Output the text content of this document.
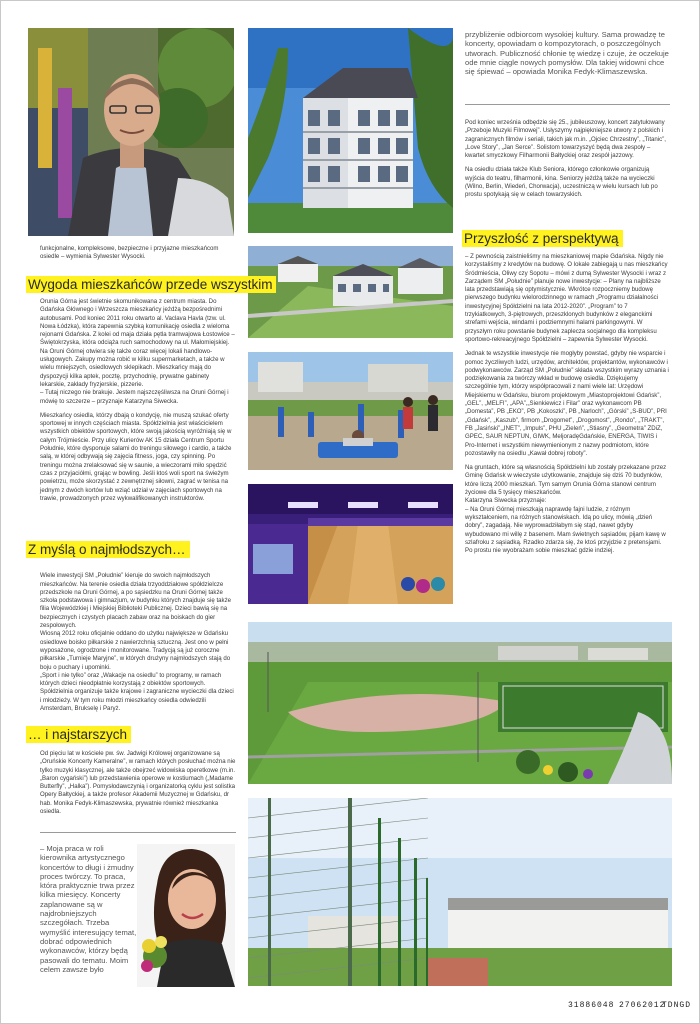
funkcjonalne, kompleksowe, bezpieczne i przyjazne mieszkańcom osiedle – wymienia Sylwester Wysocki.

Wygoda mieszkańców przede wszystkim

Orunia Górna jest świetnie skomunikowana z centrum miasta. Do Gdańska Głównego i Wrzeszcza mieszkańcy jeżdżą bezpośrednimi autobusami. Pod koniec 2011 roku otwarto al. Vaclava Havla (tzw. ul. Nowa Łódzka), która zapewnia szybką komunikację osiedla z wieloma rejonami Gdańska. Z kolei od maja działa pętla tramwajowa Łostowice – Świętokrzyska, która odciąża ruch samochodowy na ul. Małomiejskiej.

Na Oruni Górnej otwiera się także coraz więcej lokali handlowo-usługowych. Zakupy można robić w kilku supermarketach, a także w wielu mniejszych, osiedlowych sklepikach. Mieszkańcy mają do dyspozycji kilka aptek, pocztę, przychodnię, prywatne gabinety lekarskie, zakłady fryzjerskie, pizzerie.

– Tutaj niczego nie brakuje. Jestem najszczęśliwsza na Oruni Górnej i mówię to szczerze – przyznaje Katarzyna Siwecka.

Mieszkańcy osiedla, którzy dbają o kondycję, nie muszą szukać oferty sportowej w innych częściach miasta. Spółdzielnia jest właścicielem wszystkich obiektów sportowych, które swoją jakością wyróżniają się w całym Trójmieście. Przy ulicy Kurierów AK 15 działa Centrum Sportu Południe, które dysponuje salami do treningu siłowego i cardio, a także salą, w której odbywają się zajęcia fitness, joga, czy spinning. Po treningu można zrelaksować się w saunie, a wieczorami miło spędzić czas z przyjaciółmi, grając w bowling. Jeśli ktoś woli sport na świeżym powietrzu, może skorzystać z zewnętrznej siłowni, zagrać w tenisa na jednym z dwóch kortów lub wziąć udział w zajęciach sportowych na trawie, prowadzonych przez wykwalifikowanych instruktorów.

Z myślą o najmłodszych…

Wiele inwestycji SM „Południe” kieruje do swoich najmłodszych mieszkańców. Na terenie osiedla działa trzyoddziałowe spółdzielcze przedszkole na Oruni Górnej, a po sąsiedzku na Oruni Górnej także szkoła podstawowa i gimnazjum, w budynku których znajduje się także filia Wojewódzkiej i Miejskiej Biblioteki Publicznej. Dzieci bawią się na bezpiecznych i czystych placach zabaw oraz na boiskach do gier zespołowych.
Wiosną 2012 roku oficjalnie oddano do użytku największe w Gdańsku osiedlowe boisko piłkarskie z nawierzchnią sztuczną. Jest ono w pełni wyposażone, ogrodzone i monitorowane. Tradycją są już coroczne piłkarskie „Turnieje Maryjne”, w których drużyny najmłodszych stają do boju o puchary i upominki.
„Sport i nie tylko” oraz „Wakacje na osiedlu” to programy, w ramach których dzieci nieodpłatnie korzystają z obiektów sportowych. Spółdzielnia organizuje także krajowe i zagraniczne wycieczki dla dzieci i młodzieży. W tym roku młodzi mieszkańcy osiedla odwiedzili Amsterdam, Brukselę i Paryż.

… i najstarszych

Od pięciu lat w kościele pw. św. Jadwigi Królowej organizowane są „Oruńskie Koncerty Kameralne”, w ramach których posłuchać można nie tylko muzyki klasycznej, ale także obejrzeć widowiska operetkowe (m.in. „Baron cygański”) lub przedstawienia operowe w kostiumach („Madame Butterfly”, „Halka”). Pomysłodawczynią i organizatorką cyklu jest solistka Opery Bałtyckiej, a także profesor Akademii Muzycznej w Gdańsku, dr hab. Monika Fedyk-Klimaszewska, prywatnie również mieszkanka osiedla.

– Moja praca w roli kierownika artystycznego koncertów to długi i żmudny proces twórczy. To praca, która praktycznie trwa przez kilka miesięcy. Koncerty zaplanowane są w najdrobniejszych szczegółach. Trzeba wymyślić interesujący temat, dobrać odpowiednich wykonawców, którzy będą pasowali do tematu. Moim celem zawsze było

przybliżenie odbiorcom wysokiej kultury. Sama prowadzę te koncerty, opowiadam o kompozytorach, o poszczególnych utworach. Publiczność chłonie tę wiedzę i czuje, że oczekuje ode mnie ciągle nowych pomysłów. Dla takiej widowni chce się śpiewać – opowiada Monika Fedyk-Klimaszewska.

Pod koniec września odbędzie się 25., jubileuszowy, koncert zatytułowany „Przeboje Muzyki Filmowej”. Usłyszymy najpiękniejsze utwory z polskich i zagranicznych filmów i seriali, takich jak m.in. „Ojciec Chrzestny”, „Titanic”, „Love Story”, „Jan Serce”. Solistom towarzyszyć będą dwa zespoły – kwartet smyczkowy Filharmonii Bałtyckiej oraz zespół jazzowy.

Na osiedlu działa także Klub Seniora, którego członkowie organizują wyjścia do teatru, filharmonii, kina. Seniorzy jeżdżą także na wycieczki (Wilno, Berlin, Wiedeń, Chorwacja), uczestniczą w wielu kursach lub po prostu spotykają się w celach towarzyskich.

Przyszłość z perspektywą

– Z pewnością zaistnieliśmy na mieszkaniowej mapie Gdańska. Nigdy nie korzystaliśmy z kredytów na budowę. O lokale zabiegają u nas mieszkańcy Śródmieścia, Oliwy czy Sopotu – mówi z dumą Sylwester Wysocki i wraz z Zarządem SM „Południe” planuje nowe inwestycje: – Plany na najbliższe lata przedstawiają się optymistycznie. Wkrótce rozpoczniemy budowę pierwszego budynku wielorodzinnego w ramach „Programu działalności inwestycyjnej Spółdzielni na lata 2012-2020”. „Program” to 7 trzykiatkowych, 3-piętrowych, przeszklonych budynków z eleganckimi strefami wejścia, windami i podziemnymi halami parkingowymi. W przyszłym roku powstanie budynek zaplecza socjalnego dla kompleksu sportowo-rekreacyjnego Spółdzielni – zapewnia Sylwester Wysocki.

Jednak te wszystkie inwestycje nie mogłyby powstać, gdyby nie wsparcie i pomoc życzliwych ludzi, urzędów, architektów, projektantów, wykonawców i podwykonawców. Zarząd SM „Południe” składa wszystkim wyrazy uznania i podziękowania za twórczy wkład w budowę osiedla. Dziękujemy szczególnie tym, którzy współpracowali z nami wiele lat: Urzędowi Miejskiemu w Gdańsku, biurom projektowym „Miastoprojektowi Gdańsk”,„GEL”, „MELFI”, „APA”,„Sienkiewicz i Filar” oraz wykonawcom PB „Domesta”, PB „EKO”, PB „Kokoszki”, PB „Narloch”, „Górski” „S-BUD”, PRI „Gdańsk”, „Kaszub”, firmom „Drogomet”, „Drogomost”, „Rondo”, „TRAKT”, FB „Jasiński”,„INET”, „Impuls”, PHU „Zieleń”, „Stiasny”, „Geometra” ZDiZ, GPEC, SAUR NEPTUN, GIWK, MeljoradęGdańskie, ENERGA, TIWIS i Pro-Internet i wszystkim niewymienionym z nazwy podmiotom, które pozostawiły na osiedlu „Kawał dobrej roboty”.

Na gruntach, które są własnością Spółdzielni lub zostały przekazane przez Gminę Gdańsk w wieczyste użytkowanie, znajduje się dziś 70 budynków, które liczą 2000 mieszkań. Tym samym Orunia Górna stanowi centrum życiowe dla 5 tysięcy mieszkańców.
Katarzyna Siwecka przyznaje:
– Na Oruni Górnej mieszkają naprawdę fajni ludzie, z różnym wykształceniem, na różnych stanowiskach. Idą po ulicy, mówią „dzień dobry”, zagadają. Nie wyprowadziłabym się stąd, nawet gdyby wybudowano mi willę z basenem. Mam świetnych sąsiadów, pijam kawę w szlafroku z sąsiadką. Rzadko zdarza się, że ktoś przyjdzie z pretensjami. Po prostu nie wyobrażam sobie mieszkać gdzie indziej.

31886048 27062012
TDNGD
